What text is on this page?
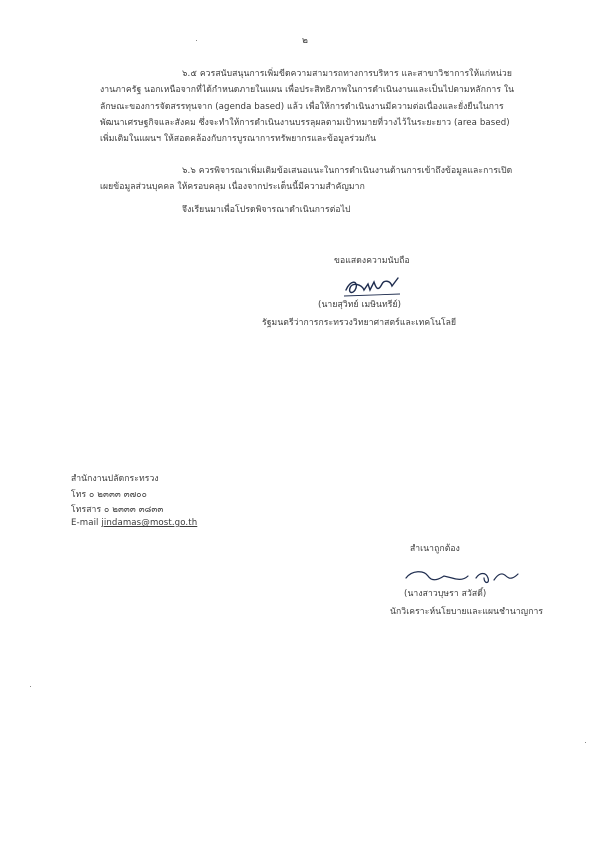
๒
๖.๕ ควรสนับสนุนการเพิ่มขีดความสามารถทางการบริหาร และสาขาวิชาการให้แก่หน่วยงานภาครัฐ นอกเหนือจากที่ได้กำหนดภายในแผน เพื่อประสิทธิภาพในการดำเนินงานและเป็นไปตามหลักการ ในลักษณะของการจัดสรรทุนจาก (agenda based) แล้ว เพื่อให้การดำเนินงานมีความต่อเนื่องและยั่งยืนในการพัฒนาเศรษฐกิจและสังคม ซึ่งจะทำให้การดำเนินงานบรรลุผลตามเป้าหมายที่วางไว้ในระยะยาว (area based) เพิ่มเติมในแผนฯ ให้สอดคล้องกับการบูรณาการทรัพยากรและข้อมูลร่วมกัน
๖.๖ ควรพิจารณาเพิ่มเติมข้อเสนอแนะในการดำเนินงานด้านการเข้าถึงข้อมูลและการเปิดเผยข้อมูลส่วนบุคคล ให้ครอบคลุม เนื่องจากประเด็นนี้มีความสำคัญมาก
จึงเรียนมาเพื่อโปรดพิจารณาดำเนินการต่อไป
ขอแสดงความนับถือ
(นายสุวิทย์ เมษินทรีย์)
รัฐมนตรีว่าการกระทรวงวิทยาศาสตร์และเทคโนโลยี
สำนักงานปลัดกระทรวง
โทร ๐ ๒๓๓๓ ๓๗๐๐
โทรสาร ๐ ๒๓๓๓ ๓๘๓๓
E-mail jindamas@most.go.th
สำเนาถูกต้อง
(นางสาวบุษรา สวัสดิ์)
นักวิเคราะห์นโยบายและแผนชำนาญการ
